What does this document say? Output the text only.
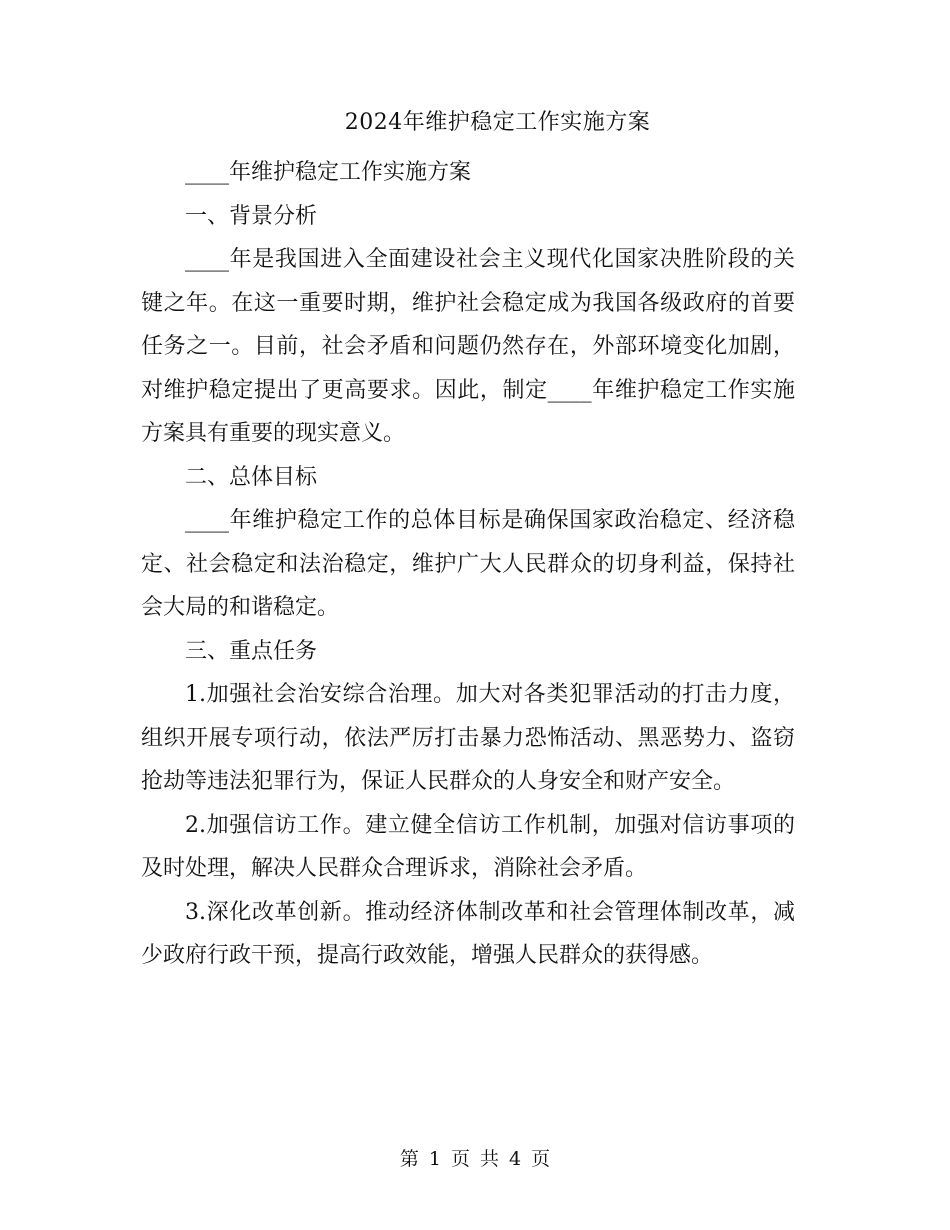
2024年维护稳定工作实施方案

____年维护稳定工作实施方案

一、背景分析

____年是我国进入全面建设社会主义现代化国家决胜阶段的关键之年。在这一重要时期，维护社会稳定成为我国各级政府的首要任务之一。目前，社会矛盾和问题仍然存在，外部环境变化加剧，对维护稳定提出了更高要求。因此，制定____年维护稳定工作实施方案具有重要的现实意义。

二、总体目标

____年维护稳定工作的总体目标是确保国家政治稳定、经济稳定、社会稳定和法治稳定，维护广大人民群众的切身利益，保持社会大局的和谐稳定。

三、重点任务

1.加强社会治安综合治理。加大对各类犯罪活动的打击力度，组织开展专项行动，依法严厉打击暴力恐怖活动、黑恶势力、盗窃抢劫等违法犯罪行为，保证人民群众的人身安全和财产安全。

2.加强信访工作。建立健全信访工作机制，加强对信访事项的及时处理，解决人民群众合理诉求，消除社会矛盾。

3.深化改革创新。推动经济体制改革和社会管理体制改革，减少政府行政干预，提高行政效能，增强人民群众的获得感。

第 1 页 共 4 页
